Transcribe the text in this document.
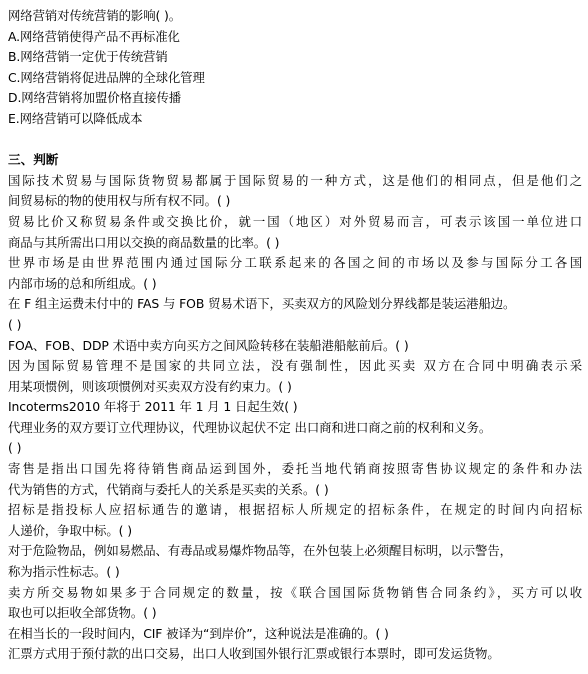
网络营销对传统营销的影响( )。
A.网络营销使得产品不再标准化
B.网络营销一定优于传统营销
C.网络营销将促进品牌的全球化管理
D.网络营销将加盟价格直接传播
E.网络营销可以降低成本
三、判断
国际技术贸易与国际货物贸易都属于国际贸易的一种方式，这是他们的相同点，但是他们之
间贸易标的物的使用权与所有权不同。( )
贸易比价又称贸易条件或交换比价，就一国（地区）对外贸易而言，可表示该国一单位进口
商品与其所需出口用以交换的商品数量的比率。( )
世界市场是由世界范围内通过国际分工联系起来的各国之间的市场以及参与国际分工各国
内部市场的总和所组成。( )
在 F 组主运费未付中的 FAS 与 FOB 贸易术语下，买卖双方的风险划分界线都是装运港船边。
( )
FOA、FOB、DDP 术语中卖方向买方之间风险转移在装船港船舷前后。( )
因为国际贸易管理不是国家的共同立法，没有强制性，因此买卖 双方在合同中明确表示采
用某项惯例，则该项惯例对买卖双方没有约束力。( )
Incoterms2010 年将于 2011 年 1 月 1 日起生效( )
代理业务的双方要订立代理协议，代理协议起伏不定 出口商和进口商之前的权利和义务。
( )
寄售是指出口国先将待销售商品运到国外，委托当地代销商按照寄售协议规定的条件和办法
代为销售的方式，代销商与委托人的关系是买卖的关系。( )
招标是指投标人应招标通告的邀请，根据招标人所规定的招标条件，在规定的时间内向招标
人递价，争取中标。( )
对于危险物品，例如易燃品、有毒品或易爆炸物品等，在外包装上必须醒目标明，以示警告，
称为指示性标志。( )
卖方所交易物如果多于合同规定的数量，按《联合国国际货物销售合同条约》，买方可以收
取也可以拒收全部货物。( )
在相当长的一段时间内，CIF 被译为“到岸价”，这种说法是准确的。( )
汇票方式用于预付款的出口交易，出口人收到国外银行汇票或银行本票时，即可发运货物。
